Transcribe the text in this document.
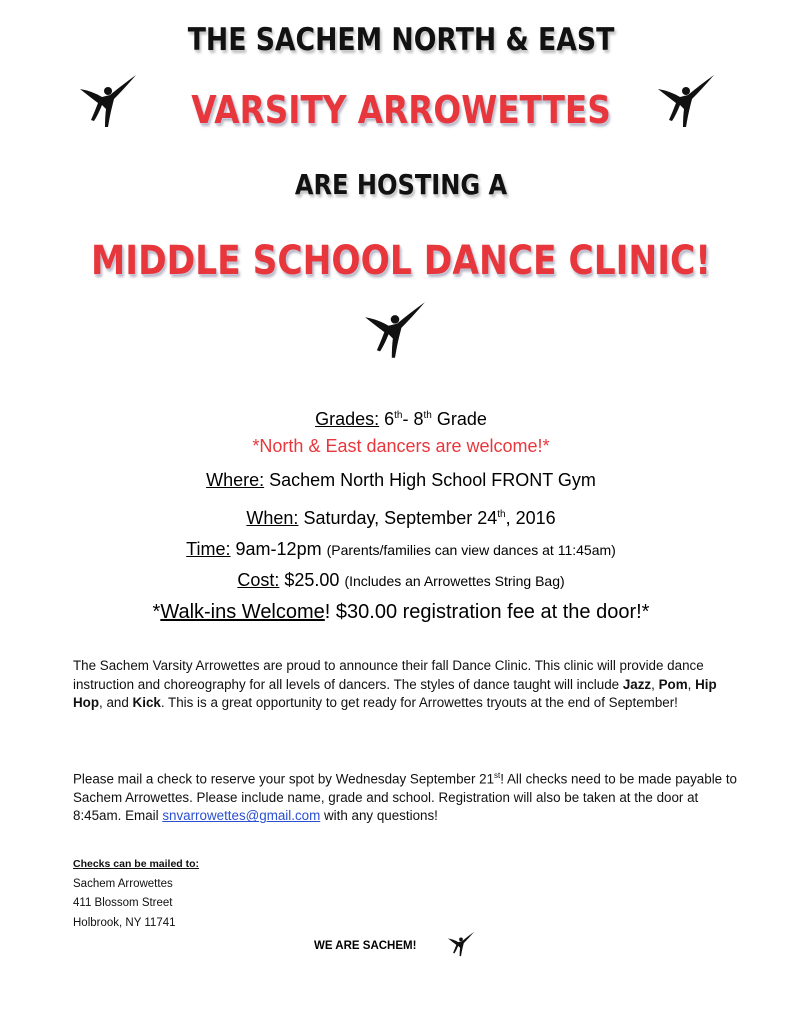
THE SACHEM NORTH & EAST
VARSITY ARROWETTES
ARE HOSTING A
MIDDLE SCHOOL DANCE CLINIC!
Grades: 6th- 8th Grade
*North & East dancers are welcome!*
Where: Sachem North High School FRONT Gym
When: Saturday, September 24th, 2016
Time: 9am-12pm (Parents/families can view dances at 11:45am)
Cost: $25.00 (Includes an Arrowettes String Bag)
*Walk-ins Welcome! $30.00 registration fee at the door!*
The Sachem Varsity Arrowettes are proud to announce their fall Dance Clinic. This clinic will provide dance instruction and choreography for all levels of dancers. The styles of dance taught will include Jazz, Pom, Hip Hop, and Kick. This is a great opportunity to get ready for Arrowettes tryouts at the end of September!
Please mail a check to reserve your spot by Wednesday September 21st! All checks need to be made payable to Sachem Arrowettes. Please include name, grade and school. Registration will also be taken at the door at 8:45am. Email snvarrowettes@gmail.com with any questions!
Checks can be mailed to:
Sachem Arrowettes
411 Blossom Street
Holbrook, NY 11741
WE ARE SACHEM!
